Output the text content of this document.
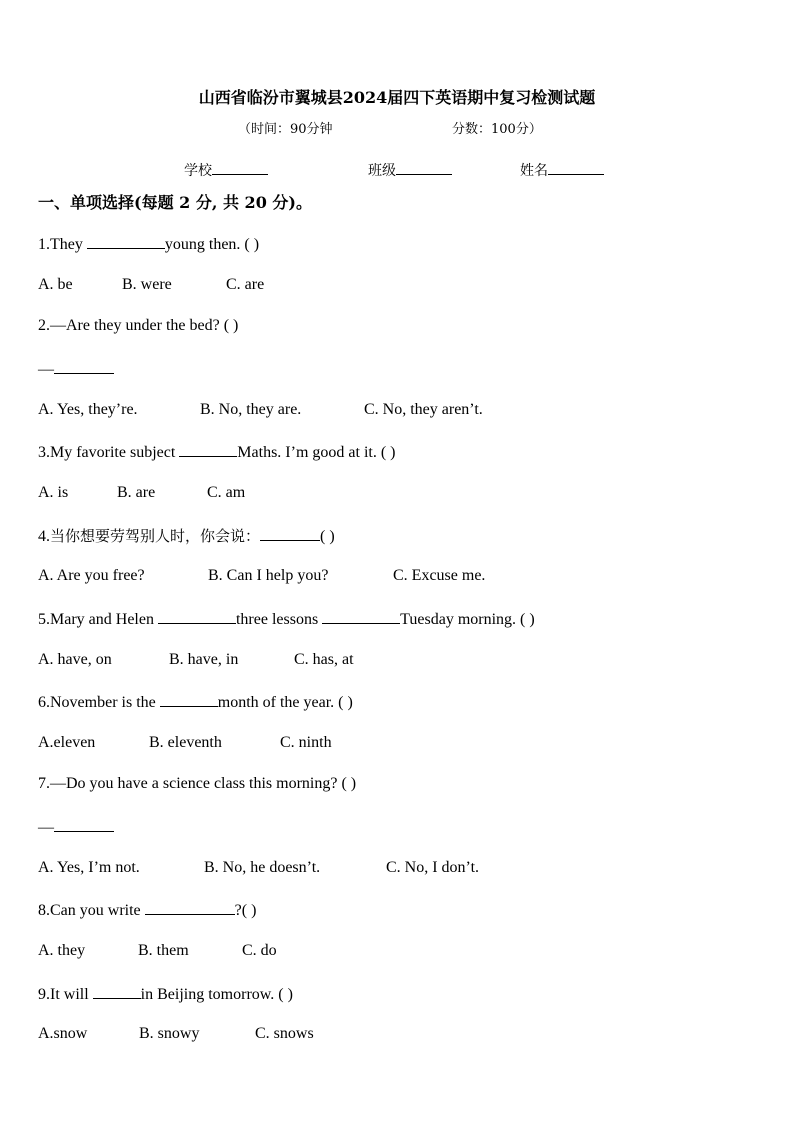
山西省临汾市翼城县2024届四下英语期中复习检测试题
（时间：90分钟	分数：100分）
学校	班级	姓名
一、单项选择(每题 2 分, 共 20 分)。
1.They	young then. ( )
A. be	B. were	C. are
2.—Are they under the bed? ( )
—
A. Yes, they’re.	B. No, they are.	C. No, they aren’t.
3.My favorite subject	Maths. I’m good at it. ( )
A. is	B. are	C. am
4.当你想要劳驾别人时，你会说：	( )
A. Are you free?	B. Can I help you?	C. Excuse me.
5.Mary and Helen	three lessons	Tuesday morning. ( )
A. have, on	B. have, in	C. has, at
6.November is the	month of the year. ( )
A.eleven	B. eleventh	C. ninth
7.—Do you have a science class this morning? ( )
—
A. Yes, I’m not.	B. No, he doesn’t.	C. No, I don’t.
8.Can you write	?( )
A. they	B. them	C. do
9.It will	in Beijing tomorrow. ( )
A.snow	B. snowy	C. snows
